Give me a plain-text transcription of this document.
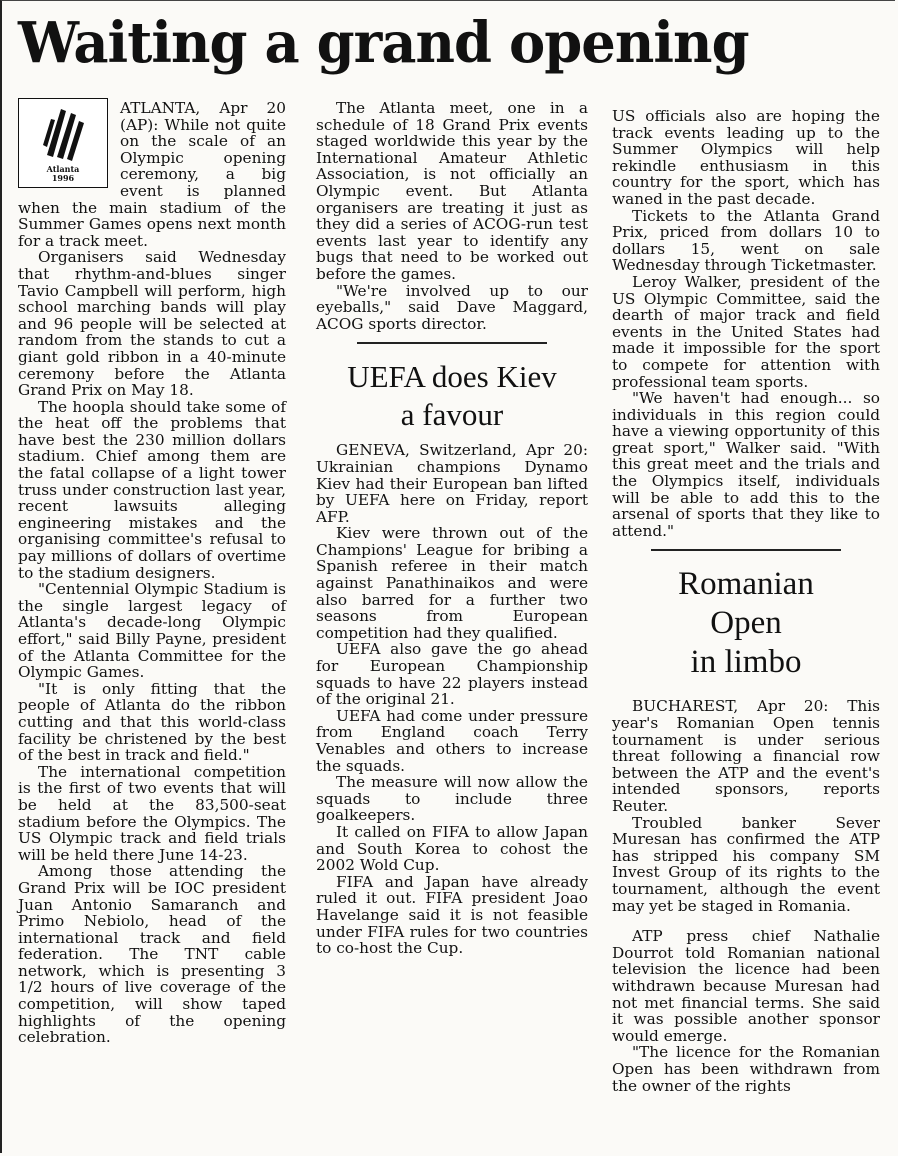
Waiting a grand opening
Atlanta
1996

ATLANTA, Apr 20 (AP): While not quite on the scale of an Olympic opening ceremony, a big event is planned when the main stadium of the Summer Games opens next month for a track meet.

Organisers said Wednesday that rhythm-and-blues singer Tavio Campbell will perform, high school marching bands will play and 96 people will be selected at random from the stands to cut a giant gold ribbon in a 40-minute ceremony before the Atlanta Grand Prix on May 18.

The hoopla should take some of the heat off the problems that have best the 230 million dollars stadium. Chief among them are the fatal collapse of a light tower truss under construction last year, recent lawsuits alleging engineering mistakes and the organising committee's refusal to pay millions of dollars of overtime to the stadium designers.

"Centennial Olympic Stadium is the single largest legacy of Atlanta's decade-long Olympic effort," said Billy Payne, president of the Atlanta Committee for the Olympic Games.

"It is only fitting that the people of Atlanta do the ribbon cutting and that this world-class facility be christened by the best of the best in track and field."

The international competition is the first of two events that will be held at the 83,500-seat stadium before the Olympics. The US Olympic track and field trials will be held there June 14-23.

Among those attending the Grand Prix will be IOC president Juan Antonio Samaranch and Primo Nebiolo, head of the international track and field federation. The TNT cable network, which is presenting 3 1/2 hours of live coverage of the competition, will show taped highlights of the opening celebration.

The Atlanta meet, one in a schedule of 18 Grand Prix events staged worldwide this year by the International Amateur Athletic Association, is not officially an Olympic event. But Atlanta organisers are treating it just as they did a series of ACOG-run test events last year to identify any bugs that need to be worked out before the games.

"We're involved up to our eyeballs," said Dave Maggard, ACOG sports director.

UEFA does Kiev
a favour

GENEVA, Switzerland, Apr 20: Ukrainian champions Dynamo Kiev had their European ban lifted by UEFA here on Friday, report AFP.

Kiev were thrown out of the Champions' League for bribing a Spanish referee in their match against Panathinaikos and were also barred for a further two seasons from European competition had they qualified.

UEFA also gave the go ahead for European Championship squads to have 22 players instead of the original 21.

UEFA had come under pressure from England coach Terry Venables and others to increase the squads.

The measure will now allow the squads to include three goalkeepers.

It called on FIFA to allow Japan and South Korea to cohost the 2002 Wold Cup.

FIFA and Japan have already ruled it out. FIFA president Joao Havelange said it is not feasible under FIFA rules for two countries to co-host the Cup.

US officials also are hoping the track events leading up to the Summer Olympics will help rekindle enthusiasm in this country for the sport, which has waned in the past decade.

Tickets to the Atlanta Grand Prix, priced from dollars 10 to dollars 15, went on sale Wednesday through Ticketmaster.

Leroy Walker, president of the US Olympic Committee, said the dearth of major track and field events in the United States had made it impossible for the sport to compete for attention with professional team sports.

"We haven't had enough... so individuals in this region could have a viewing opportunity of this great sport," Walker said. "With this great meet and the trials and the Olympics itself, individuals will be able to add this to the arsenal of sports that they like to attend."

Romanian
Open
in limbo

BUCHAREST, Apr 20: This year's Romanian Open tennis tournament is under serious threat following a financial row between the ATP and the event's intended sponsors, reports Reuter.

Troubled banker Sever Muresan has confirmed the ATP has stripped his company SM Invest Group of its rights to the tournament, although the event may yet be staged in Romania.

ATP press chief Nathalie Dourrot told Romanian national television the licence had been withdrawn because Muresan had not met financial terms. She said it was possible another sponsor would emerge.

"The licence for the Romanian Open has been withdrawn from the owner of the rights
